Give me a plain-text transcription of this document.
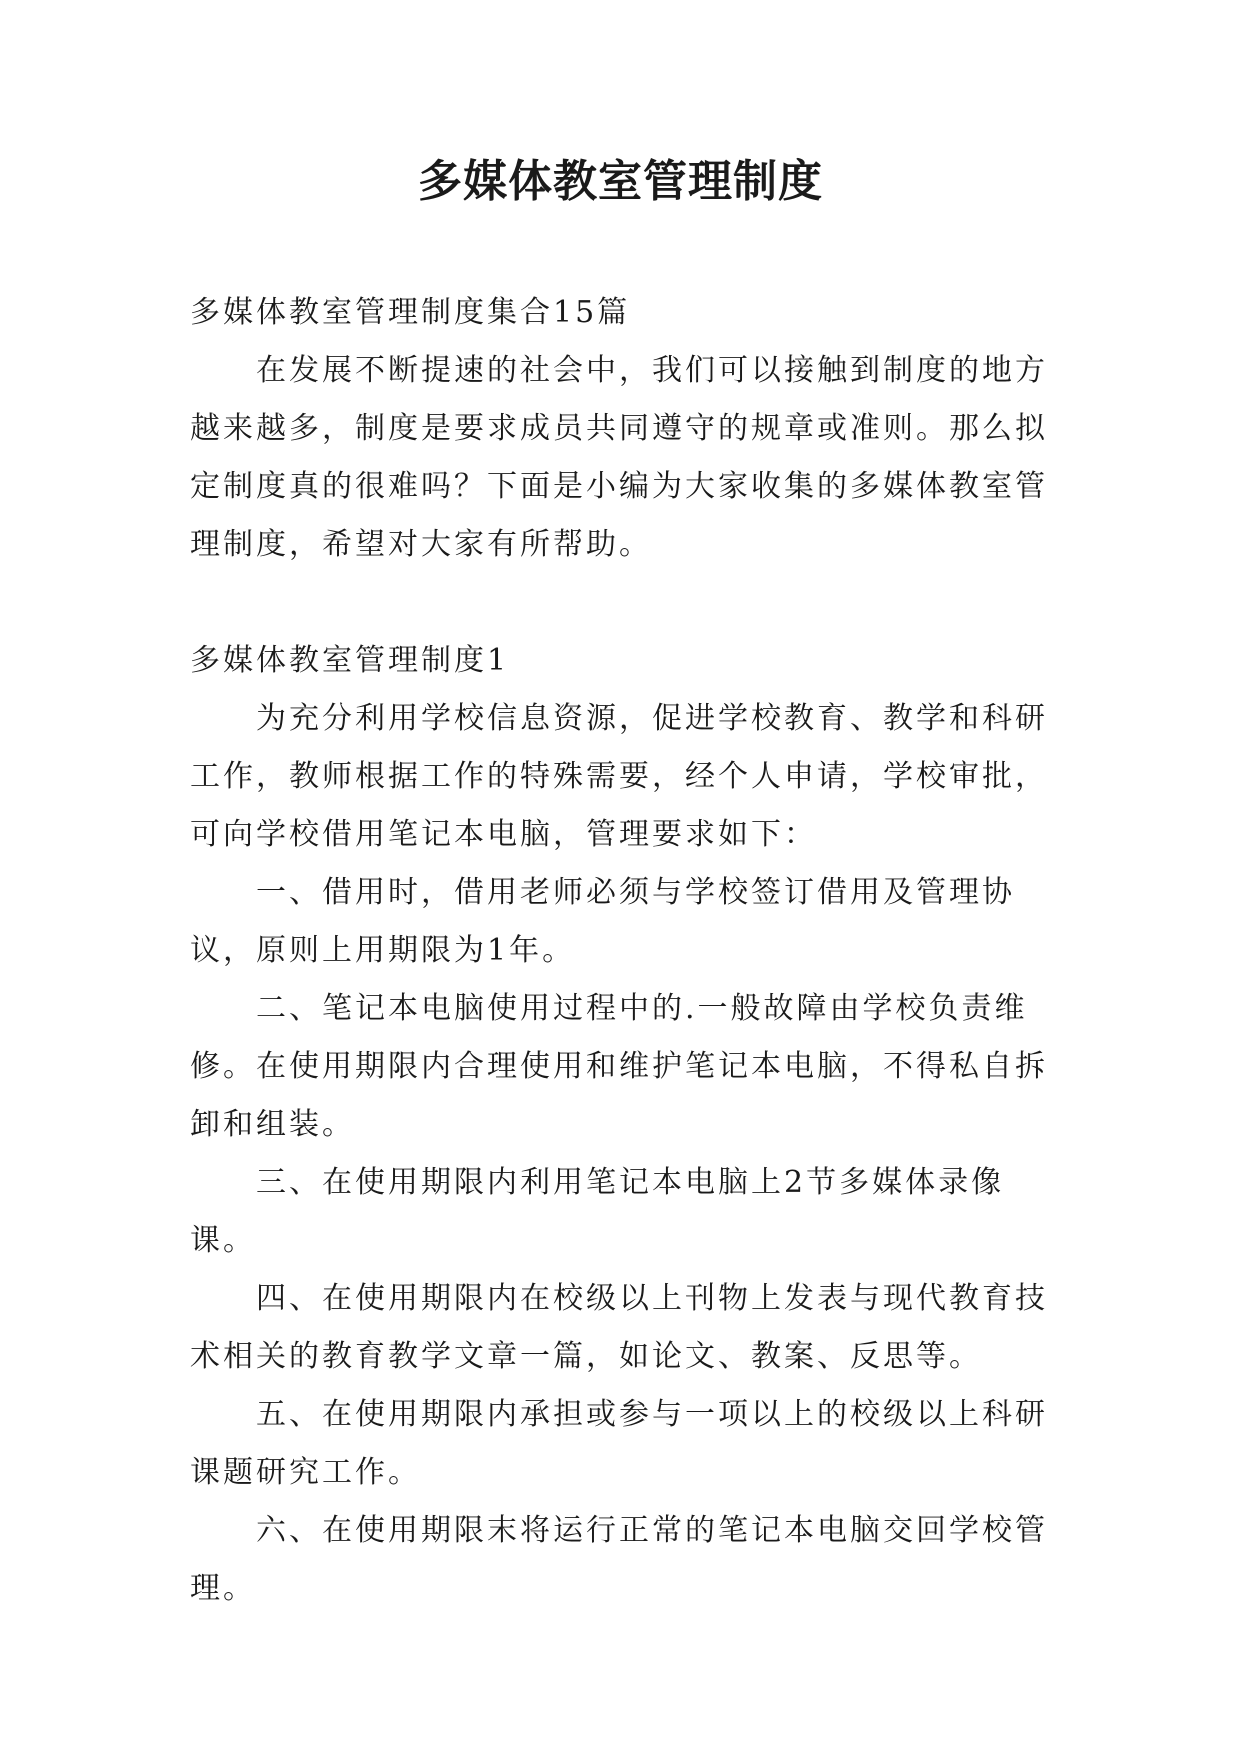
多媒体教室管理制度

多媒体教室管理制度集合15篇

在发展不断提速的社会中，我们可以接触到制度的地方越来越多，制度是要求成员共同遵守的规章或准则。那么拟定制度真的很难吗？下面是小编为大家收集的多媒体教室管理制度，希望对大家有所帮助。

多媒体教室管理制度1

为充分利用学校信息资源，促进学校教育、教学和科研工作，教师根据工作的特殊需要，经个人申请，学校审批，可向学校借用笔记本电脑，管理要求如下：

一、借用时，借用老师必须与学校签订借用及管理协议，原则上用期限为1年。

二、笔记本电脑使用过程中的.一般故障由学校负责维修。在使用期限内合理使用和维护笔记本电脑，不得私自拆卸和组装。

三、在使用期限内利用笔记本电脑上2节多媒体录像课。

四、在使用期限内在校级以上刊物上发表与现代教育技术相关的教育教学文章一篇，如论文、教案、反思等。

五、在使用期限内承担或参与一项以上的校级以上科研课题研究工作。

六、在使用期限末将运行正常的笔记本电脑交回学校管理。
